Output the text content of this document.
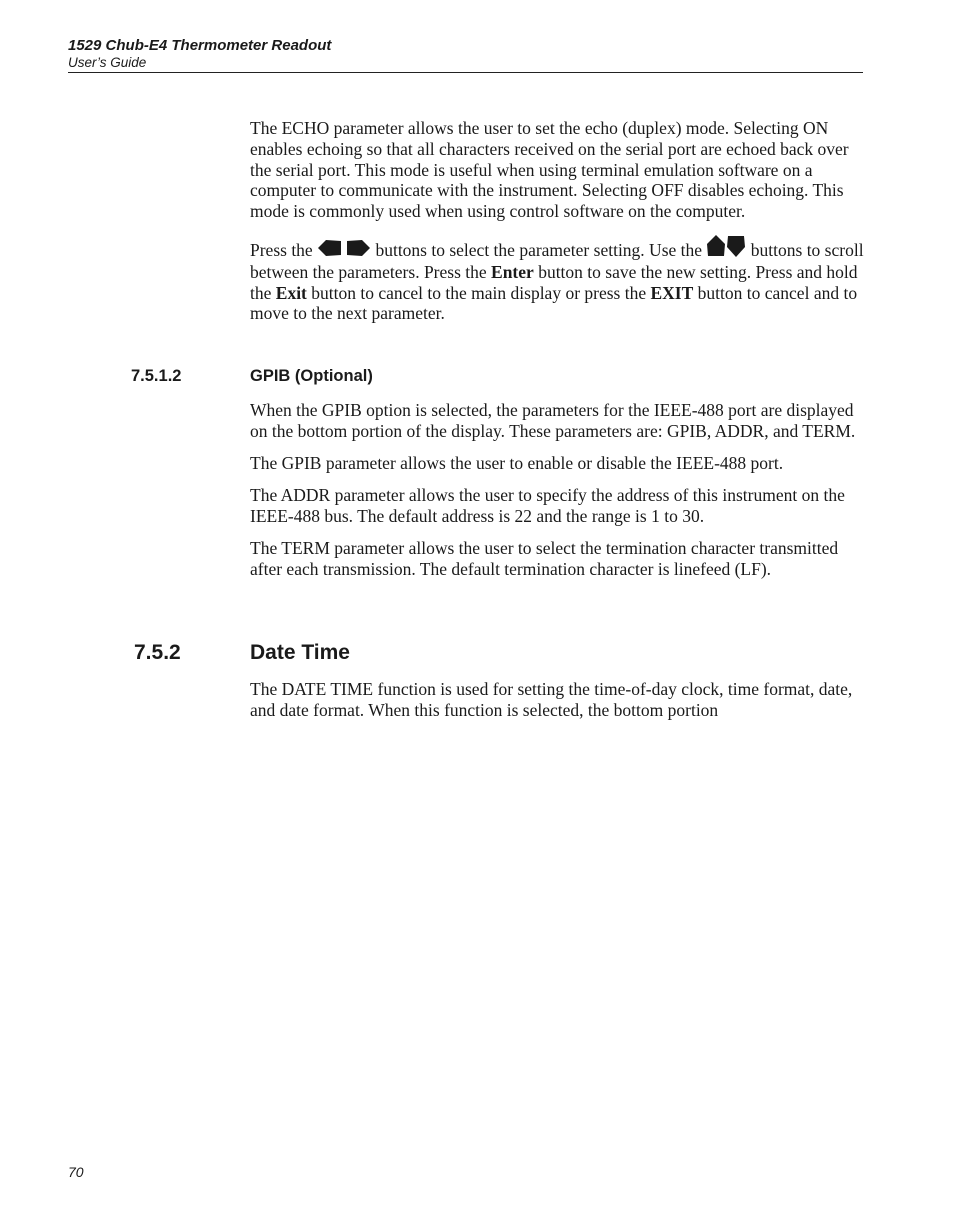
1529 Chub-E4 Thermometer Readout
User’s Guide

The ECHO parameter allows the user to set the echo (duplex) mode. Selecting ON enables echoing so that all characters received on the serial port are echoed back over the serial port. This mode is useful when using terminal emulation software on a computer to communicate with the instrument. Selecting OFF disables echoing. This mode is commonly used when using control software on the computer.

Press the	buttons to select the parameter setting. Use the	buttons to scroll between the parameters. Press the Enter button to save the new setting. Press and hold the Exit button to cancel to the main display or press the EXIT button to cancel and to move to the next parameter.

7.5.1.2	GPIB (Optional)

When the GPIB option is selected, the parameters for the IEEE-488 port are displayed on the bottom portion of the display. These parameters are: GPIB, ADDR, and TERM.

The GPIB parameter allows the user to enable or disable the IEEE-488 port.

The ADDR parameter allows the user to specify the address of this instrument on the IEEE-488 bus. The default address is 22 and the range is 1 to 30.

The TERM parameter allows the user to select the termination character transmitted after each transmission. The default termination character is linefeed (LF).

7.5.2	Date Time

The DATE TIME function is used for setting the time-of-day clock, time format, date, and date format. When this function is selected, the bottom portion

70
